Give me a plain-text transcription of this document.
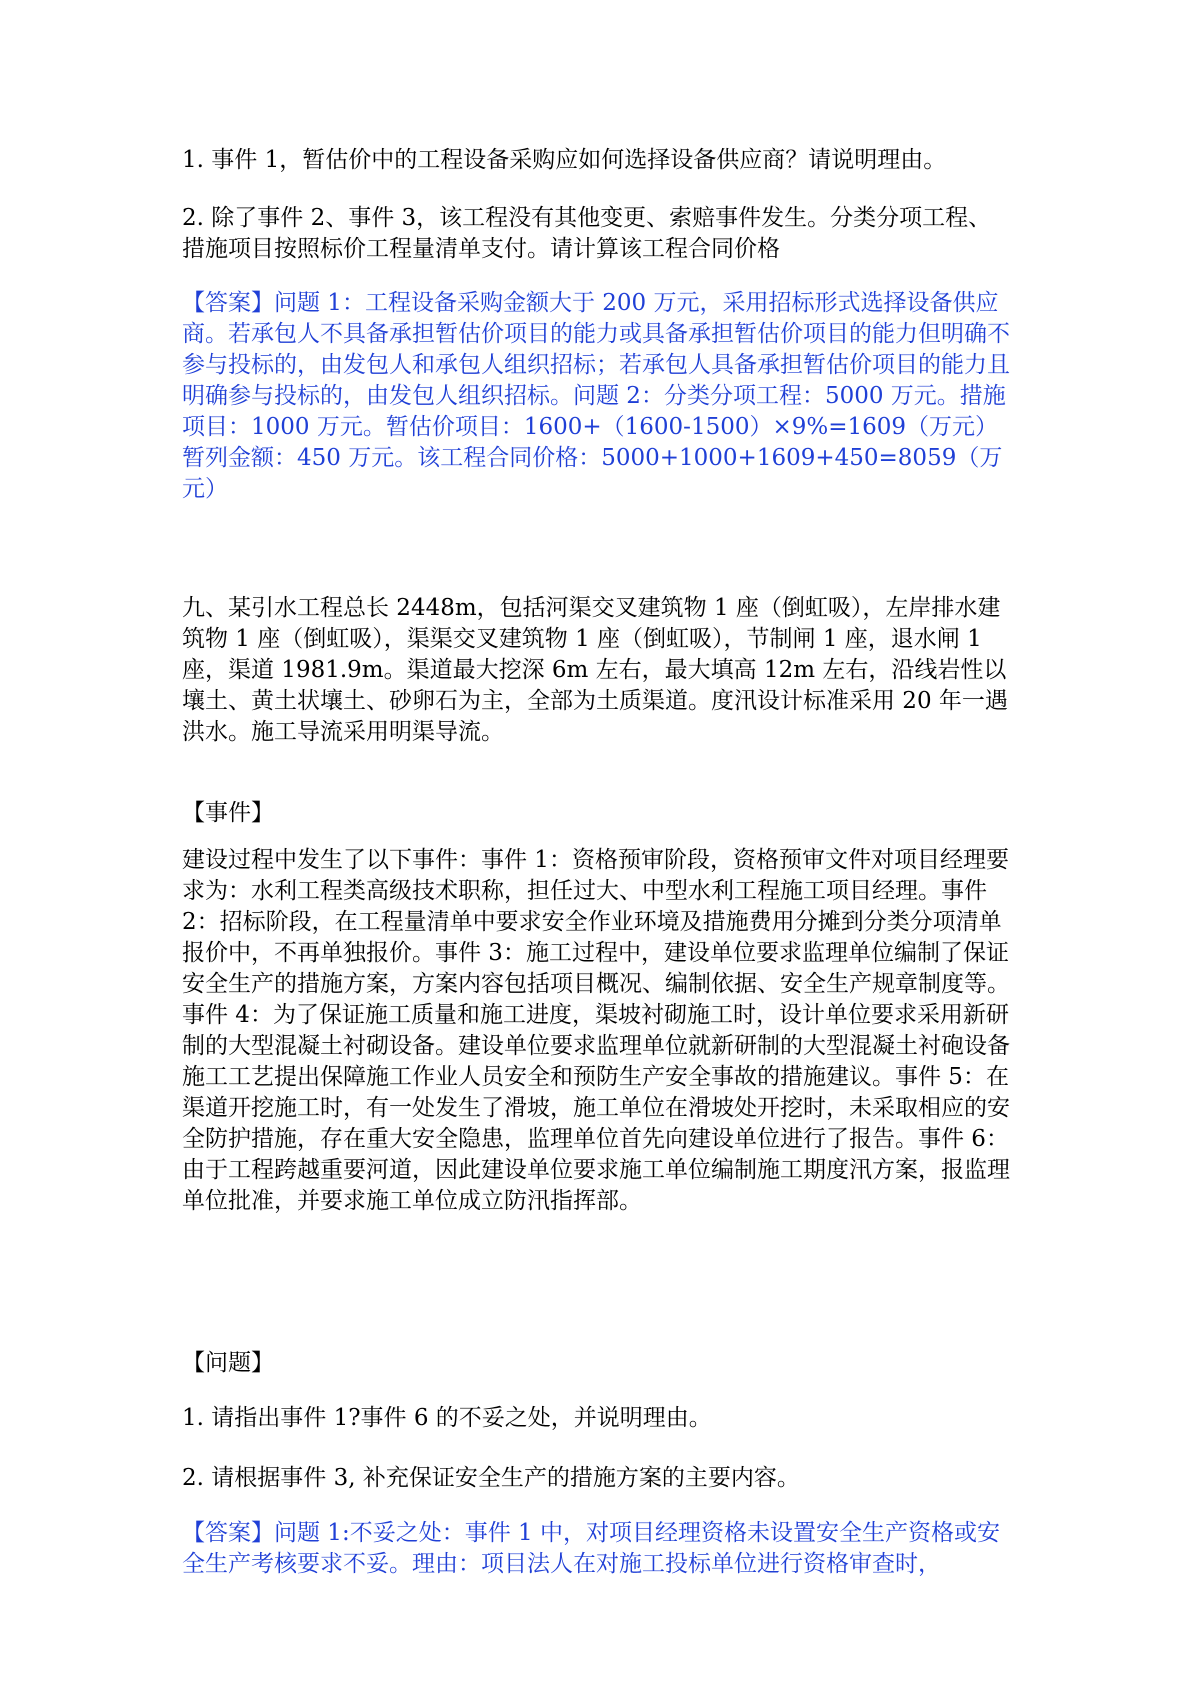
1. 事件 1，暂估价中的工程设备采购应如何选择设备供应商？请说明理由。

2. 除了事件 2、事件 3，该工程没有其他变更、索赔事件发生。分类分项工程、措施项目按照标价工程量清单支付。请计算该工程合同价格

【答案】问题 1：工程设备采购金额大于 200 万元，采用招标形式选择设备供应商。若承包人不具备承担暂估价项目的能力或具备承担暂估价项目的能力但明确不参与投标的，由发包人和承包人组织招标；若承包人具备承担暂估价项目的能力且明确参与投标的，由发包人组织招标。问题 2：分类分项工程：5000 万元。措施项目：1000 万元。暂估价项目：1600+（1600-1500）×9%=1609（万元）暂列金额：450 万元。该工程合同价格：5000+1000+1609+450=8059（万元）

九、某引水工程总长 2448m，包括河渠交叉建筑物 1 座（倒虹吸），左岸排水建筑物 1 座（倒虹吸），渠渠交叉建筑物 1 座（倒虹吸），节制闸 1 座，退水闸 1 座，渠道 1981.9m。渠道最大挖深 6m 左右，最大填高 12m 左右，沿线岩性以壤土、黄土状壤土、砂卵石为主，全部为土质渠道。度汛设计标准采用 20 年一遇洪水。施工导流采用明渠导流。

【事件】

建设过程中发生了以下事件：事件 1：资格预审阶段，资格预审文件对项目经理要求为：水利工程类高级技术职称，担任过大、中型水利工程施工项目经理。事件 2：招标阶段，在工程量清单中要求安全作业环境及措施费用分摊到分类分项清单报价中，不再单独报价。事件 3：施工过程中，建设单位要求监理单位编制了保证安全生产的措施方案，方案内容包括项目概况、编制依据、安全生产规章制度等。事件 4：为了保证施工质量和施工进度，渠坡衬砌施工时，设计单位要求采用新研制的大型混凝土衬砌设备。建设单位要求监理单位就新研制的大型混凝土衬砲设备施工工艺提出保障施工作业人员安全和预防生产安全事故的措施建议。事件 5：在渠道开挖施工时，有一处发生了滑坡，施工单位在滑坡处开挖时，未采取相应的安全防护措施，存在重大安全隐患，监理单位首先向建设单位进行了报告。事件 6：由于工程跨越重要河道，因此建设单位要求施工单位编制施工期度汛方案，报监理单位批准，并要求施工单位成立防汛指挥部。

【问题】

1. 请指出事件 1?事件 6 的不妥之处，并说明理由。

2. 请根据事件 3, 补充保证安全生产的措施方案的主要内容。

【答案】问题 1:不妥之处：事件 1 中，对项目经理资格未设置安全生产资格或安全生产考核要求不妥。理由：项目法人在对施工投标单位进行资格审查时，
